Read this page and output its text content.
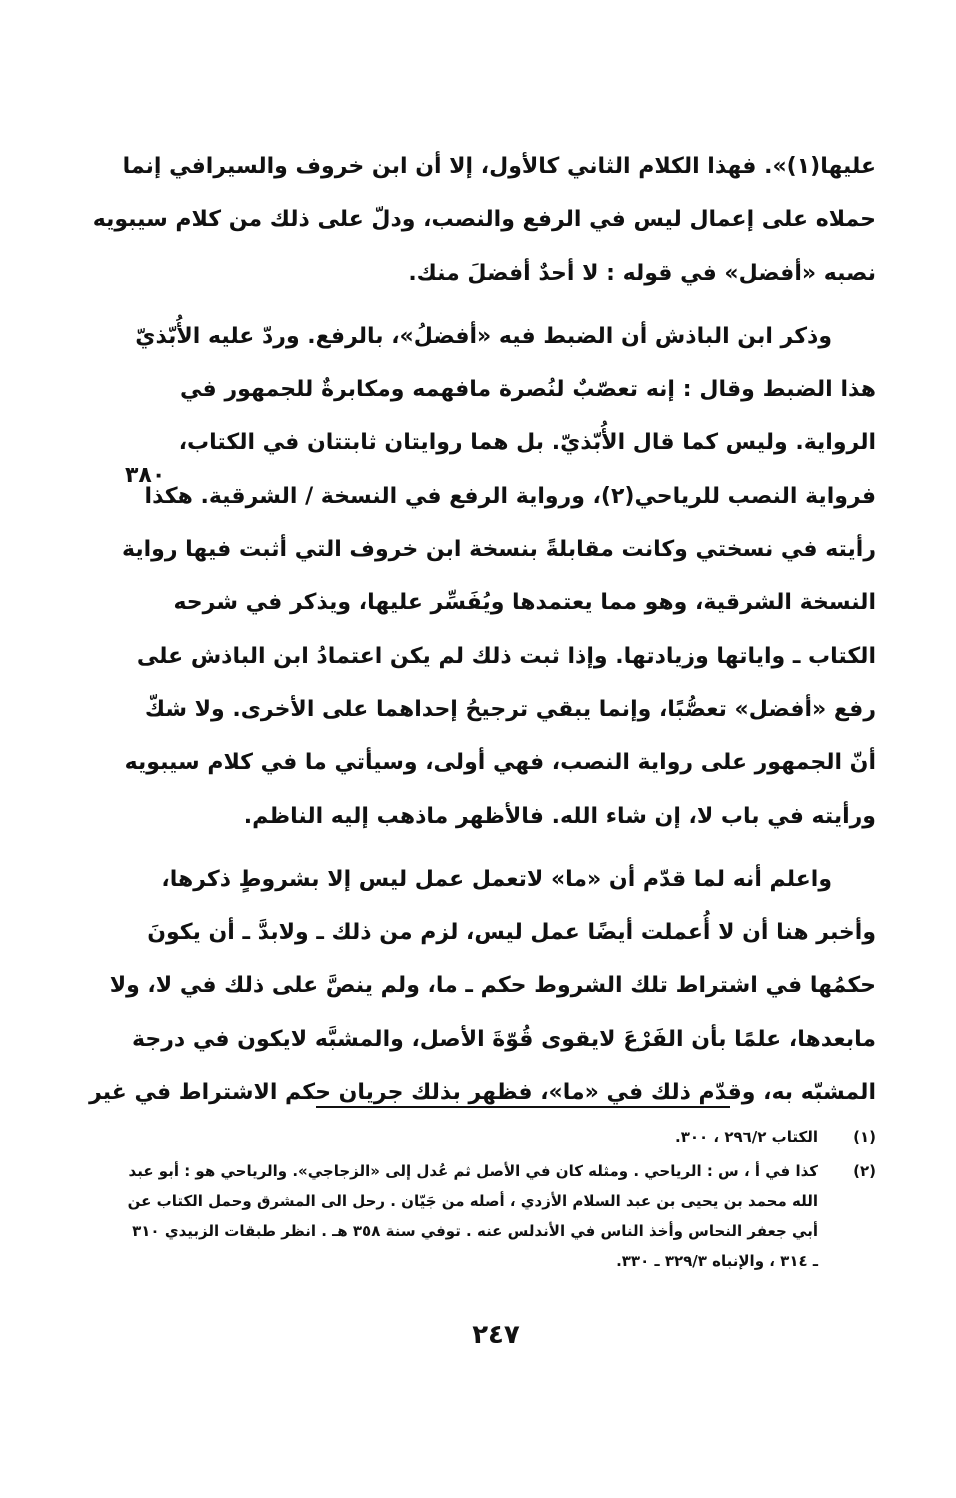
عليها(١)». فهذا الكلام الثاني كالأول، إلا أن ابن خروف والسيرافي إنما
حملاه على إعمال ليس في الرفع والنصب، ودلّ على ذلك من كلام سيبويه
نصبه «أفضل» في قوله : لا أحدٌ أفضلَ منك.
وذكر ابن الباذش أن الضبط فيه «أفضلُ»، بالرفع. وردّ عليه الأُبّذيّ
هذا الضبط وقال : إنه تعصّبٌ لنُصرة مافهمه ومكابرةٌ للجمهور في
الرواية. وليس كما قال الأُبّذيّ. بل هما روايتان ثابتتان في الكتاب،
فرواية النصب للرياحي(٢)، ورواية الرفع في النسخة / الشرقية. هكذا
رأيته في نسختي وكانت مقابلةً بنسخة ابن خروف التي أثبت فيها رواية
النسخة الشرقية، وهو مما يعتمدها ويُفَسِّر عليها، ويذكر في شرحه
الكتاب ـ واياتها وزيادتها. وإذا ثبت ذلك لم يكن اعتمادُ ابن الباذش على
رفع «أفضل» تعصُّبًا، وإنما يبقي ترجيحُ إحداهما على الأخرى. ولا شكّ
أنّ الجمهور على رواية النصب، فهي أولى، وسيأتي ما في كلام سيبويه
ورأيته في باب لا، إن شاء الله. فالأظهر ماذهب إليه الناظم.
واعلم أنه لما قدّم أن «ما» لاتعمل عمل ليس إلا بشروطٍ ذكرها،
وأخبر هنا أن لا أُعملت أيضًا عمل ليس، لزم من ذلك ـ ولابدَّ ـ أن يكونَ
حكمُها في اشتراط تلك الشروط حكم ـ ما، ولم ينصَّ على ذلك في لا، ولا
مابعدها، علمًا بأن الفَرْعَ لايقوى قُوّةَ الأصل، والمشبَّه لايكون في درجة
المشبّه به، وقدّم ذلك في «ما»، فظهر بذلك جريان حكم الاشتراط في غير
٣٨٠
(١)
الكتاب ٢٩٦/٢ ، ٣٠٠.
(٢)
كذا في أ ، س : الرياحي . ومثله كان في الأصل ثم عُدل إلى «الزجاجي». والرياحي هو : أبو عبد
الله محمد بن يحيى بن عبد السلام الأزدي ، أصله من جَيّان . رحل الى المشرق وحمل الكتاب عن
أبي جعفر النحاس وأخذ الناس في الأندلس عنه . توفي سنة ٣٥٨ هـ . انظر طبقات الزبيدي ٣١٠
ـ ٣١٤ ، والإنباه ٣٢٩/٣ ـ ٣٣٠.
٢٤٧
